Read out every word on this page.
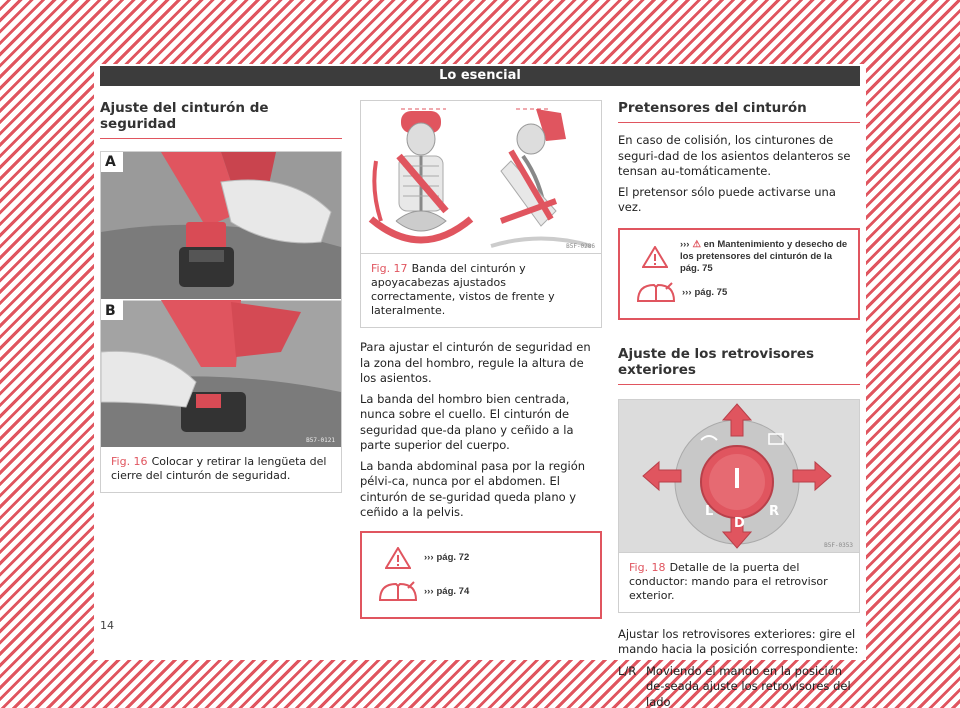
Lo esencial
Ajuste del cinturón de seguridad
A
B
B57-0121
Fig. 16 Colocar y retirar la lengüeta del cierre del cinturón de seguridad.
B5F-0286
Fig. 17 Banda del cinturón y apoyacabezas ajustados correctamente, vistos de frente y lateralmente.

Para ajustar el cinturón de seguridad en la zona del hombro, regule la altura de los asientos.

La banda del hombro bien centrada, nunca sobre el cuello. El cinturón de seguridad que-da plano y ceñido a la parte superior del cuerpo.

La banda abdominal pasa por la región pélvi-ca, nunca por el abdomen. El cinturón de se-guridad queda plano y ceñido a la pelvis.

››› pág. 72
››› pág. 74
Pretensores del cinturón

En caso de colisión, los cinturones de seguri-dad de los asientos delanteros se tensan au-tomáticamente.

El pretensor sólo puede activarse una vez.

››› ⚠ en Mantenimiento y desecho de los pretensores del cinturón de la pág. 75
››› pág. 75
Ajuste de los retrovisores exteriores
L
D
R
B5F-0353
Fig. 18 Detalle de la puerta del conductor: mando para el retrovisor exterior.

Ajustar los retrovisores exteriores: gire el mando hacia la posición correspondiente:

L/R Moviendo el mando en la posición de-seada ajuste los retrovisores del lado
14
